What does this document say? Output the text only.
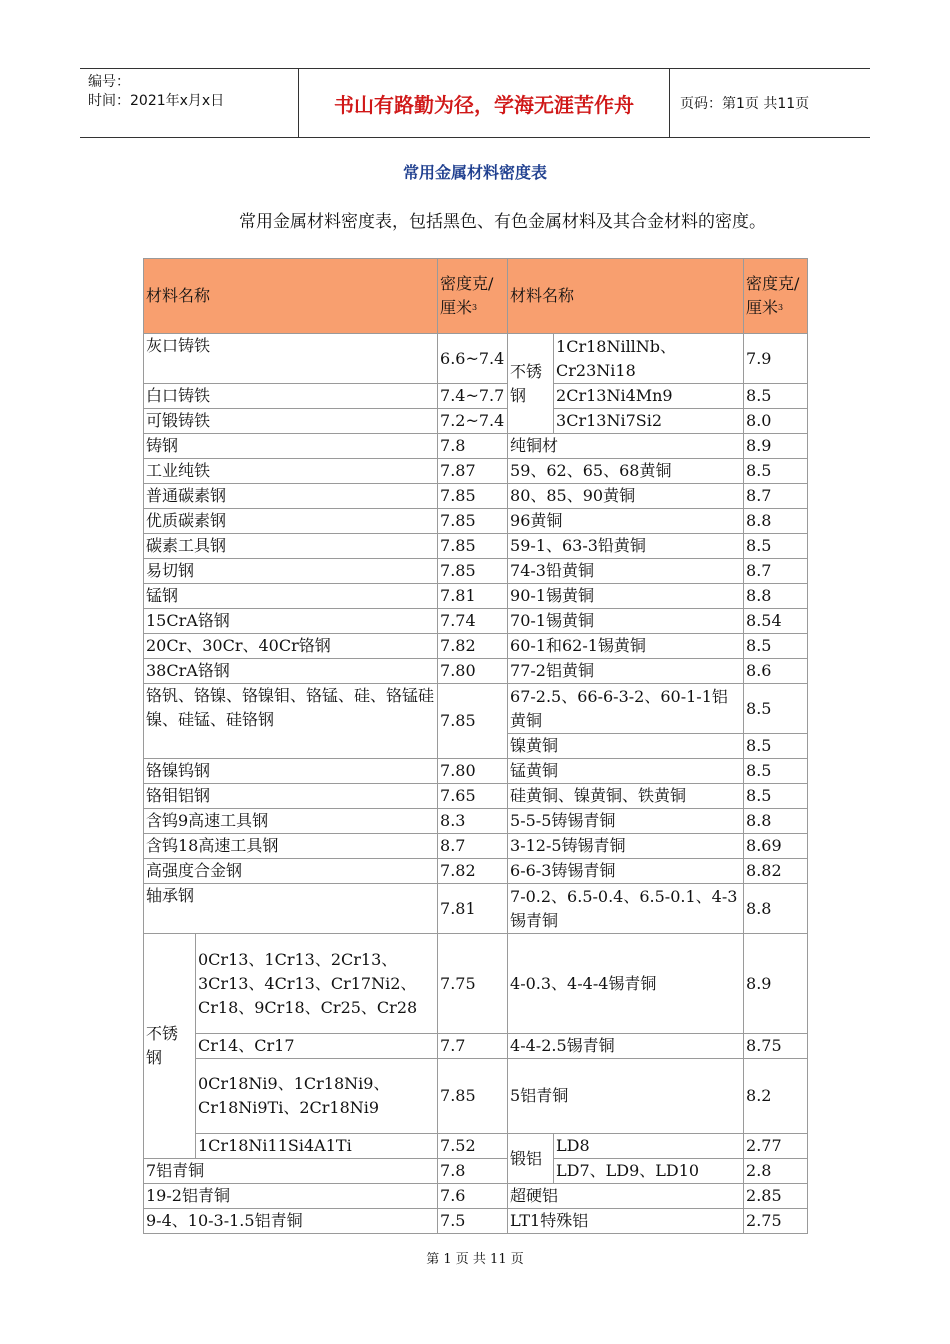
编号：
时间：2021年x月x日	书山有路勤为径，学海无涯苦作舟	页码：第1页 共11页
常用金属材料密度表
常用金属材料密度表，包括黑色、有色金属材料及其合金材料的密度。
材料名称		密度克/厘米$^3$	材料名称		密度克/厘米$^3$
灰口铸铁		6.6~7.4	不锈钢	1Cr18NillNb、Cr23Ni18	7.9
白口铸铁		7.4~7.7		2Cr13Ni4Mn9	8.5
可锻铸铁		7.2~7.4		3Cr13Ni7Si2	8.0
铸钢		7.8	纯铜材		8.9
工业纯铁		7.87	59、62、65、68黄铜		8.5
普通碳素钢		7.85	80、85、90黄铜		8.7
优质碳素钢		7.85	96黄铜		8.8
碳素工具钢		7.85	59-1、63-3铅黄铜		8.5
易切钢		7.85	74-3铅黄铜		8.7
锰钢		7.81	90-1锡黄铜		8.8
15CrA铬钢		7.74	70-1锡黄铜		8.54
20Cr、30Cr、40Cr铬钢		7.82	60-1和62-1锡黄铜		8.5
38CrA铬钢		7.80	77-2铝黄铜		8.6
铬钒、铬镍、铬镍钼、铬锰、硅、铬锰硅镍、硅锰、硅铬钢		7.85	67-2.5、66-6-3-2、60-1-1铝黄铜		8.5
			镍黄铜		8.5
铬镍钨钢		7.80	锰黄铜		8.5
铬钼铝钢		7.65	硅黄铜、镍黄铜、铁黄铜		8.5
含钨9高速工具钢		8.3	5-5-5铸锡青铜		8.8
含钨18高速工具钢		8.7	3-12-5铸锡青铜		8.69
高强度合金钢		7.82	6-6-3铸锡青铜		8.82
轴承钢		7.81	7-0.2、6.5-0.4、6.5-0.1、4-3锡青铜		8.8
不锈钢	0Cr13、1Cr13、2Cr13、3Cr13、4Cr13、Cr17Ni2、Cr18、9Cr18、Cr25、Cr28	7.75	4-0.3、4-4-4锡青铜		8.9
	Cr14、Cr17	7.7	4-4-2.5锡青铜		8.75
	0Cr18Ni9、1Cr18Ni9、Cr18Ni9Ti、2Cr18Ni9	7.85	5铝青铜		8.2
	1Cr18Ni11Si4A1Ti	7.52	锻铝	LD8	2.77
7铝青铜		7.8		LD7、LD9、LD10	2.8
19-2铝青铜		7.6	超硬铝		2.85
9-4、10-3-1.5铝青铜		7.5	LT1特殊铝		2.75
第 1 页 共 11 页
